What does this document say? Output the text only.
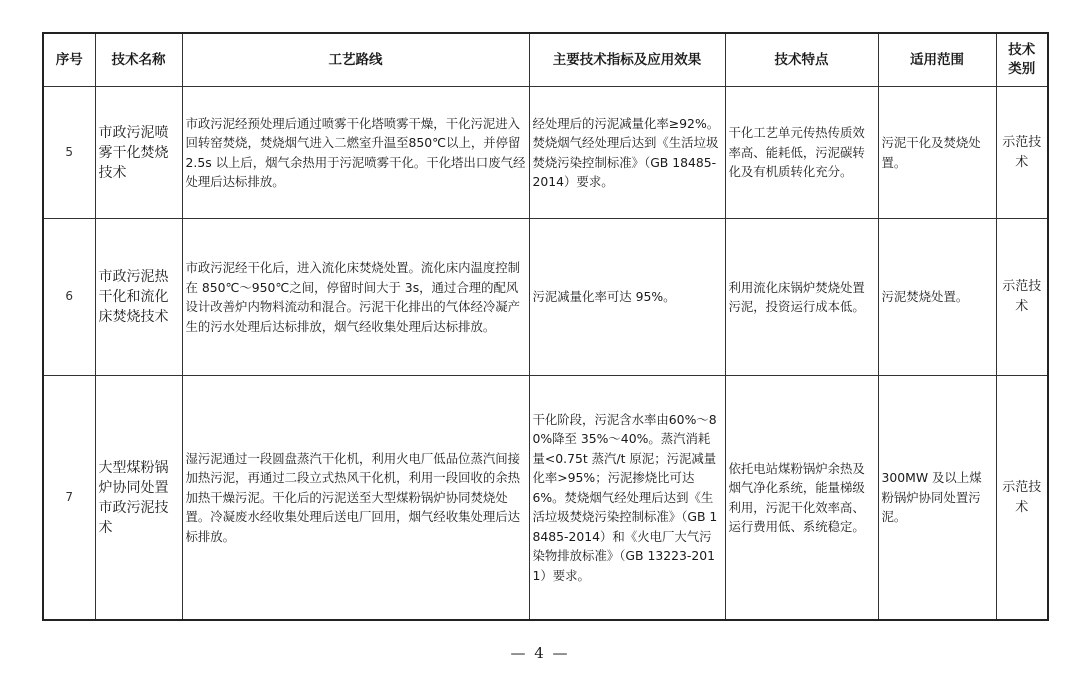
序号	技术名称	工艺路线	主要技术指标及应用效果	技术特点	适用范围	技术
类别
5	市政污泥喷雾干化焚烧技术	市政污泥经预处理后通过喷雾干化塔喷雾干燥，干化污泥进入回转窑焚烧，焚烧烟气进入二燃室升温至850℃以上，并停留 2.5s 以上后，烟气余热用于污泥喷雾干化。干化塔出口废气经处理后达标排放。	经处理后的污泥减量化率≥92%。焚烧烟气经处理后达到《生活垃圾焚烧污染控制标准》（GB 18485-2014）要求。	干化工艺单元传热传质效率高、能耗低，污泥碳转化及有机质转化充分。	污泥干化及焚烧处置。	示范技术
6	市政污泥热干化和流化床焚烧技术	市政污泥经干化后，进入流化床焚烧处置。流化床内温度控制在 850℃～950℃之间，停留时间大于 3s，通过合理的配风设计改善炉内物料流动和混合。污泥干化排出的气体经冷凝产生的污水处理后达标排放，烟气经收集处理后达标排放。	污泥减量化率可达 95%。	利用流化床锅炉焚烧处置污泥，投资运行成本低。	污泥焚烧处置。	示范技术
7	大型煤粉锅炉协同处置市政污泥技术	湿污泥通过一段圆盘蒸汽干化机，利用火电厂低品位蒸汽间接加热污泥，再通过二段立式热风干化机，利用一段回收的余热加热干燥污泥。干化后的污泥送至大型煤粉锅炉协同焚烧处置。冷凝废水经收集处理后送电厂回用，烟气经收集处理后达标排放。	干化阶段，污泥含水率由60%～80%降至 35%～40%。蒸汽消耗量<0.75t 蒸汽/t 原泥；污泥减量化率>95%；污泥掺烧比可达 6%。焚烧烟气经处理后达到《生活垃圾焚烧污染控制标准》（GB 18485-2014）和《火电厂大气污染物排放标准》（GB 13223-2011）要求。	依托电站煤粉锅炉余热及烟气净化系统，能量梯级利用，污泥干化效率高、运行费用低、系统稳定。	300MW 及以上煤粉锅炉协同处置污泥。	示范技术
— 4 —
